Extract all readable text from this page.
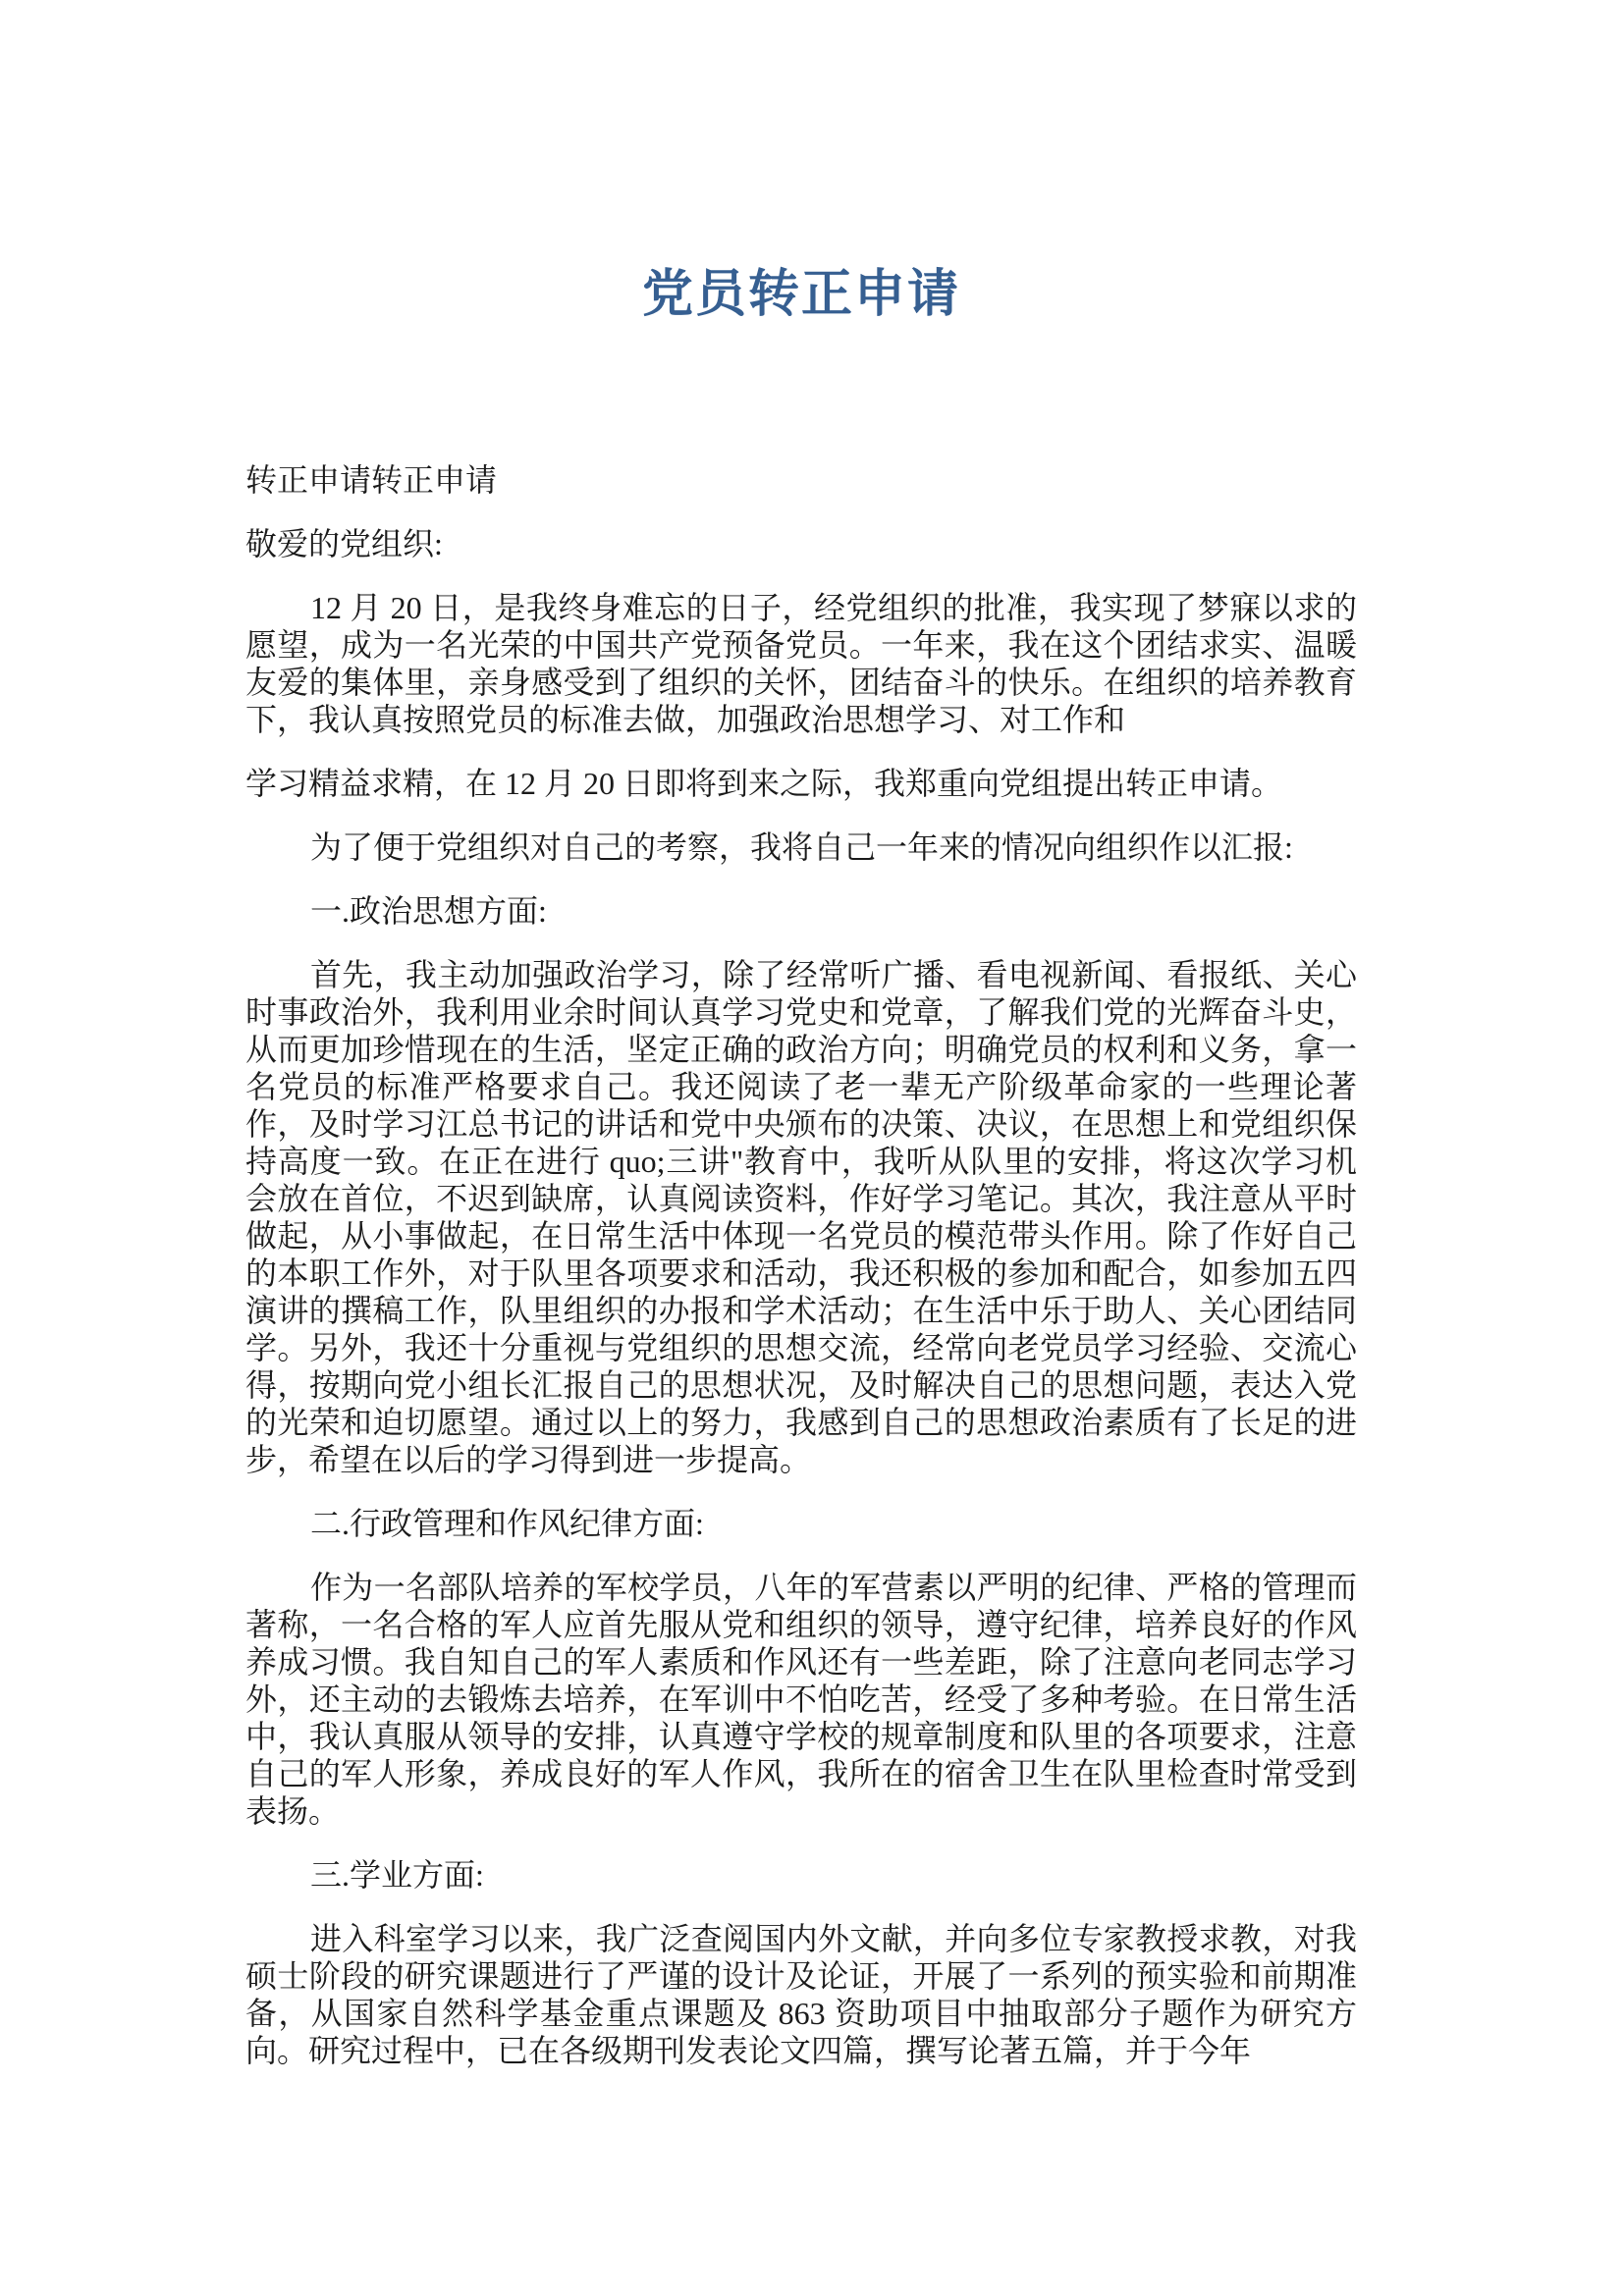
党员转正申请

转正申请转正申请

敬爱的党组织:

12 月 20 日，是我终身难忘的日子，经党组织的批准，我实现了梦寐以求的愿望，成为一名光荣的中国共产党预备党员。一年来，我在这个团结求实、温暖友爱的集体里，亲身感受到了组织的关怀，团结奋斗的快乐。在组织的培养教育下，我认真按照党员的标准去做，加强政治思想学习、对工作和

学习精益求精，在 12 月 20 日即将到来之际，我郑重向党组提出转正申请。

为了便于党组织对自己的考察，我将自己一年来的情况向组织作以汇报:

一.政治思想方面:

首先，我主动加强政治学习，除了经常听广播、看电视新闻、看报纸、关心时事政治外，我利用业余时间认真学习党史和党章，了解我们党的光辉奋斗史，从而更加珍惜现在的生活，坚定正确的政治方向；明确党员的权利和义务，拿一名党员的标准严格要求自己。我还阅读了老一辈无产阶级革命家的一些理论著作，及时学习江总书记的讲话和党中央颁布的决策、决议，在思想上和党组织保持高度一致。在正在进行 quo;三讲"教育中，我听从队里的安排，将这次学习机会放在首位，不迟到缺席，认真阅读资料，作好学习笔记。其次，我注意从平时做起，从小事做起，在日常生活中体现一名党员的模范带头作用。除了作好自己的本职工作外，对于队里各项要求和活动，我还积极的参加和配合，如参加五四演讲的撰稿工作，队里组织的办报和学术活动；在生活中乐于助人、关心团结同学。另外，我还十分重视与党组织的思想交流，经常向老党员学习经验、交流心得，按期向党小组长汇报自己的思想状况，及时解决自己的思想问题，表达入党的光荣和迫切愿望。通过以上的努力，我感到自己的思想政治素质有了长足的进步，希望在以后的学习得到进一步提高。

二.行政管理和作风纪律方面:

作为一名部队培养的军校学员，八年的军营素以严明的纪律、严格的管理而著称，一名合格的军人应首先服从党和组织的领导，遵守纪律，培养良好的作风养成习惯。我自知自己的军人素质和作风还有一些差距，除了注意向老同志学习外，还主动的去锻炼去培养，在军训中不怕吃苦，经受了多种考验。在日常生活中，我认真服从领导的安排，认真遵守学校的规章制度和队里的各项要求，注意自己的军人形象，养成良好的军人作风，我所在的宿舍卫生在队里检查时常受到表扬。

三.学业方面:

进入科室学习以来，我广泛查阅国内外文献，并向多位专家教授求教，对我硕士阶段的研究课题进行了严谨的设计及论证，开展了一系列的预实验和前期准备，从国家自然科学基金重点课题及 863 资助项目中抽取部分子题作为研究方向。研究过程中，已在各级期刊发表论文四篇，撰写论著五篇，并于今年
